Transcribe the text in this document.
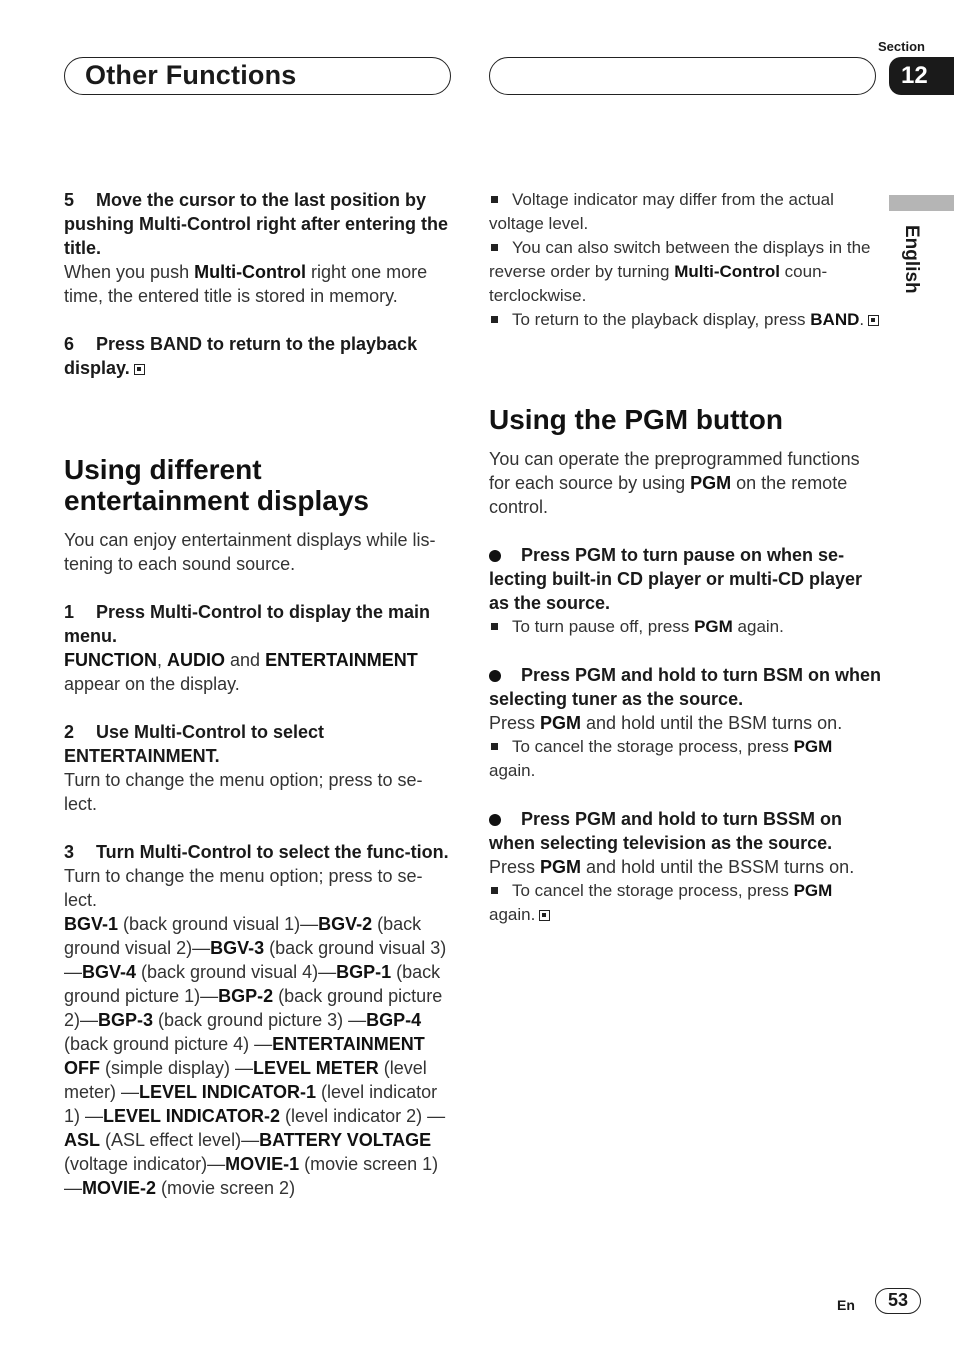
Other Functions
Section
12
English
5 Move the cursor to the last position by pushing Multi-Control right after entering the title.
When you push Multi-Control right one more time, the entered title is stored in memory.
6 Press BAND to return to the playback display.
Using different entertainment displays
You can enjoy entertainment displays while lis-tening to each sound source.
1 Press Multi-Control to display the main menu.
FUNCTION, AUDIO and ENTERTAINMENT
appear on the display.
2 Use Multi-Control to select ENTERTAINMENT.
Turn to change the menu option; press to se-lect.
3 Turn Multi-Control to select the func-tion.
Turn to change the menu option; press to se-lect.
BGV-1 (back ground visual 1)—BGV-2 (back ground visual 2)—BGV-3 (back ground visual 3)—BGV-4 (back ground visual 4)—BGP-1 (back ground picture 1)—BGP-2 (back ground picture 2)—BGP-3 (back ground picture 3) —BGP-4 (back ground picture 4) —ENTERTAINMENT OFF (simple display) —LEVEL METER (level meter) —LEVEL INDICATOR-1 (level indicator 1) —LEVEL INDICATOR-2 (level indicator 2) —ASL (ASL effect level)—BATTERY VOLTAGE (voltage indicator)—MOVIE-1 (movie screen 1)—MOVIE-2 (movie screen 2)
Voltage indicator may differ from the actual voltage level.
You can also switch between the displays in the reverse order by turning Multi-Control coun-terclockwise.
To return to the playback display, press BAND.
Using the PGM button
You can operate the preprogrammed functions for each source by using PGM on the remote control.
Press PGM to turn pause on when se-lecting built-in CD player or multi-CD player as the source.
To turn pause off, press PGM again.
Press PGM and hold to turn BSM on when selecting tuner as the source.
Press PGM and hold until the BSM turns on.
To cancel the storage process, press PGM again.
Press PGM and hold to turn BSSM on when selecting television as the source.
Press PGM and hold until the BSSM turns on.
To cancel the storage process, press PGM again.
En	53
